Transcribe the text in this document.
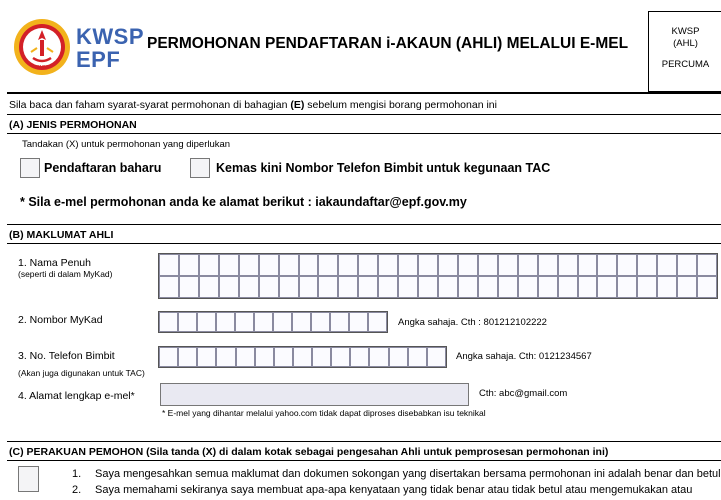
KWSP
KWSP
EPF
PERMOHONAN PENDAFTARAN i-AKAUN (AHLI) MELALUI E-MEL
KWSP
(AHL)
PERCUMA
Sila baca dan faham syarat-syarat permohonan di bahagian (E) sebelum mengisi borang permohonan ini
(A) JENIS PERMOHONAN
Tandakan (X) untuk permohonan yang diperlukan
Pendaftaran baharu	Kemas kini Nombor Telefon Bimbit untuk kegunaan TAC
* Sila e-mel permohonan anda ke alamat berikut : iakaundaftar@epf.gov.my
(B) MAKLUMAT AHLI
1. Nama Penuh
(seperti di dalam MyKad)
2. Nombor MyKad	Angka sahaja. Cth : 801212102222
3. No. Telefon Bimbit
(Akan juga digunakan untuk TAC)
Angka sahaja. Cth: 0121234567
4. Alamat lengkap e-mel*	Cth: abc@gmail.com
* E-mel yang dihantar melalui yahoo.com tidak dapat diproses disebabkan isu teknikal
(C) PERAKUAN PEMOHON (Sila tanda (X) di dalam kotak sebagai pengesahan Ahli untuk pemprosesan permohonan ini)
1. Saya mengesahkan semua maklumat dan dokumen sokongan yang disertakan bersama permohonan ini adalah benar dan betul
2. Saya memahami sekiranya saya membuat apa-apa kenyataan yang tidak benar atau tidak betul atau mengemukakan atau
